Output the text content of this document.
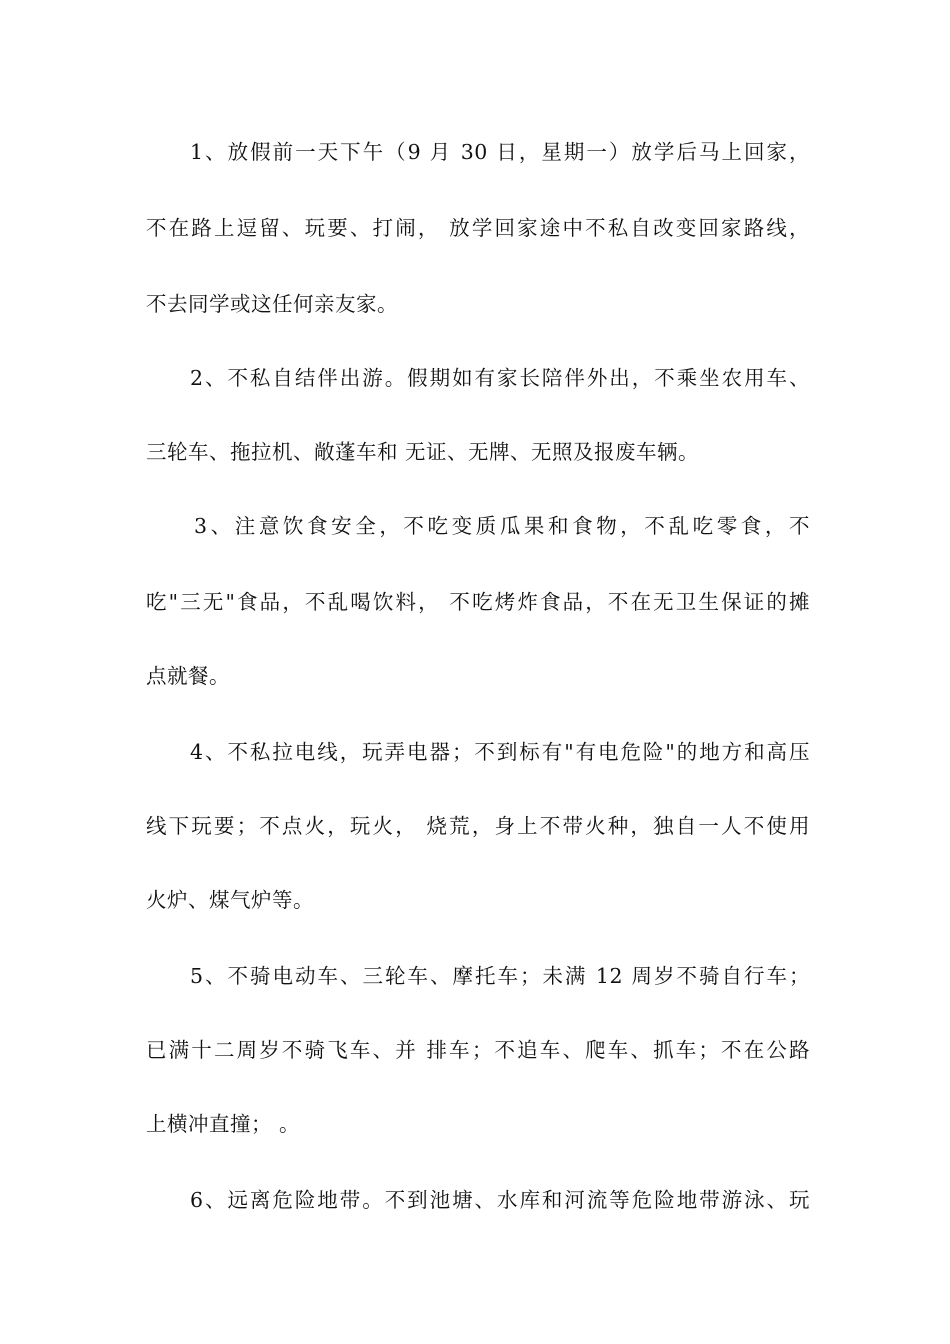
1、放假前一天下午（9 月 30 日，星期一）放学后马上回家，
不在路上逗留、玩要、打闹， 放学回家途中不私自改变回家路线，
不去同学或这任何亲友家。
2、不私自结伴出游。假期如有家长陪伴外出，不乘坐农用车、
三轮车、拖拉机、敞蓬车和 无证、无牌、无照及报废车辆。
3、注意饮食安全，不吃变质瓜果和食物，不乱吃零食，不
吃"三无"食品，不乱喝饮料， 不吃烤炸食品，不在无卫生保证的摊
点就餐。
4、不私拉电线，玩弄电器；不到标有"有电危险"的地方和高压
线下玩要；不点火，玩火， 烧荒，身上不带火种，独自一人不使用
火炉、煤气炉等。
5、不骑电动车、三轮车、摩托车；未满 12 周岁不骑自行车；
已满十二周岁不骑飞车、并 排车；不追车、爬车、抓车；不在公路
上横冲直撞； 。
6、远离危险地带。不到池塘、水库和河流等危险地带游泳、玩
